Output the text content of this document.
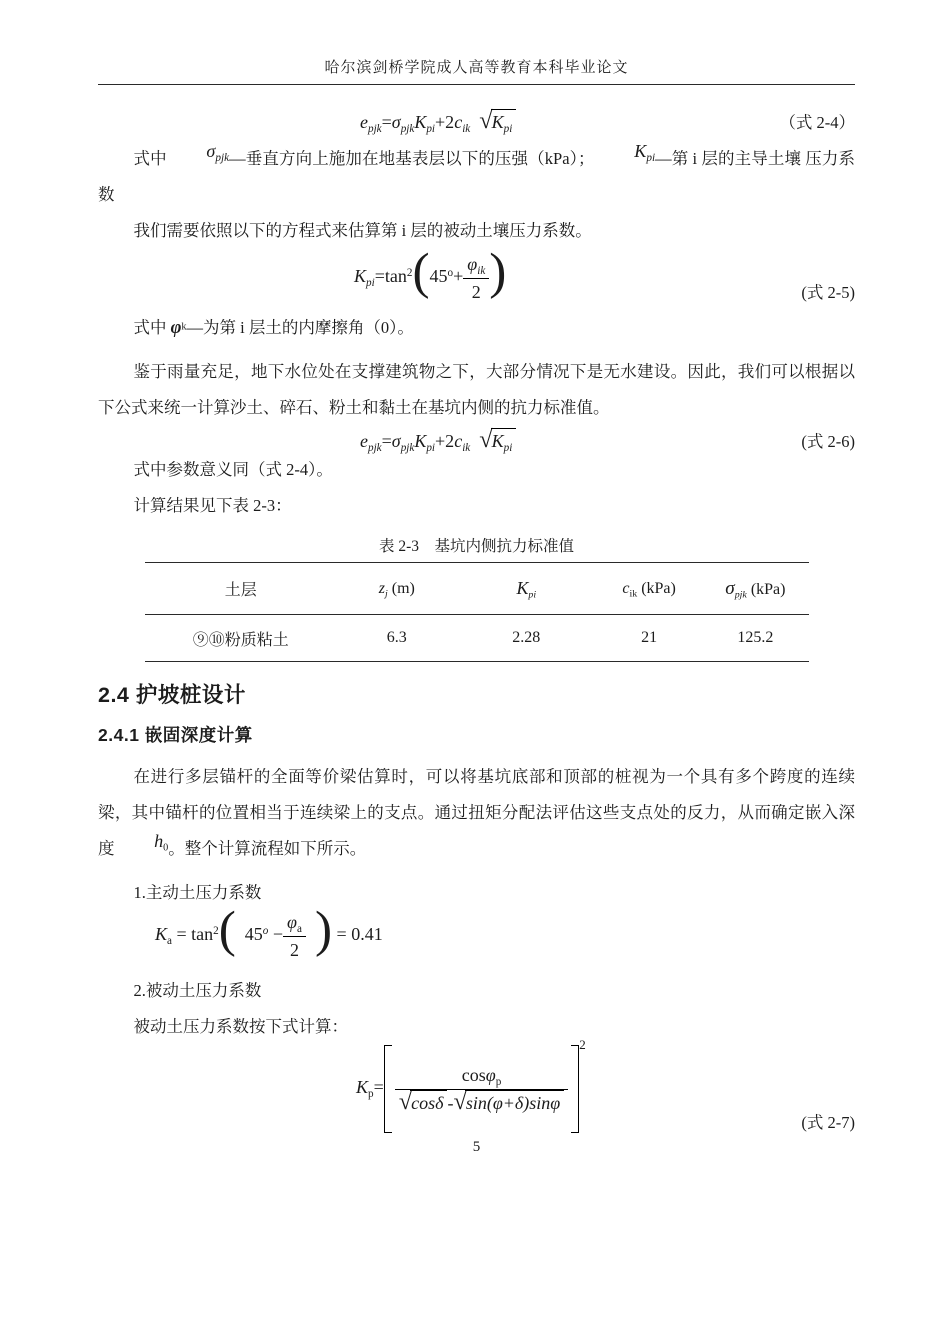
哈尔滨剑桥学院成人高等教育本科毕业论文
$e_{pjk}=\sigma_{pjk}K_{pi}+2c_{ik}$ $√K_{pi}$	（式 2-4）

式中 $\sigma_{pjk}—$垂直方向上施加在地基表层以下的压强（kPa）； $K_{pi}—$第 i 层的主导土壤 压力系数

我们需要依照以下的方程式来估算第 i 层的被动土壤压力系数。

$K_{pi}=\tan^2(45^o+ \frac{\varphi_{ik}}{2}$ )	(式 2-5)

式中 $\varphi^k—$为第 i 层土的内摩擦角（0）。

鉴于雨量充足，地下水位处在支撑建筑物之下，大部分情况下是无水建设。因此，我们可以根据以下公式来统一计算沙土、碎石、粉土和黏土在基坑内侧的抗力标准值。

$e_{pjk}=\sigma_{pjk}K_{pi}+2c_{ik}$ $√K_{pi}$	(式 2-6)

式中参数意义同（式 2-4）。

计算结果见下表 2-3：

表 2-3　基坑内侧抗力标准值
土层	$z_j$ (m)	$K_{pi}$	$c_{ik}$ (kPa)	$\sigma_{pjk}$ (kPa)
⑨⑩粉质粘土	6.3	2.28	21	125.2
2.4 护坡桩设计
2.4.1 嵌固深度计算

在进行多层锚杆的全面等价梁估算时，可以将基坑底部和顶部的桩视为一个具有多个跨度的连续梁，其中锚杆的位置相当于连续梁上的支点。通过扭矩分配法评估这些支点处的反力，从而确定嵌入深度 $h_0$。整个计算流程如下所示。

1.主动土压力系数

$K_a = \tan^2$( $45^o - \frac{\varphi_a}{2}$ ) = 0.41

2.被动土压力系数

被动土压力系数按下式计算：

$K_p= \frac{\cos\varphi_p}{√\cos\delta -√\sin(\varphi+\delta)\sin\varphi}$
$^2$
(式 2-7)
5
